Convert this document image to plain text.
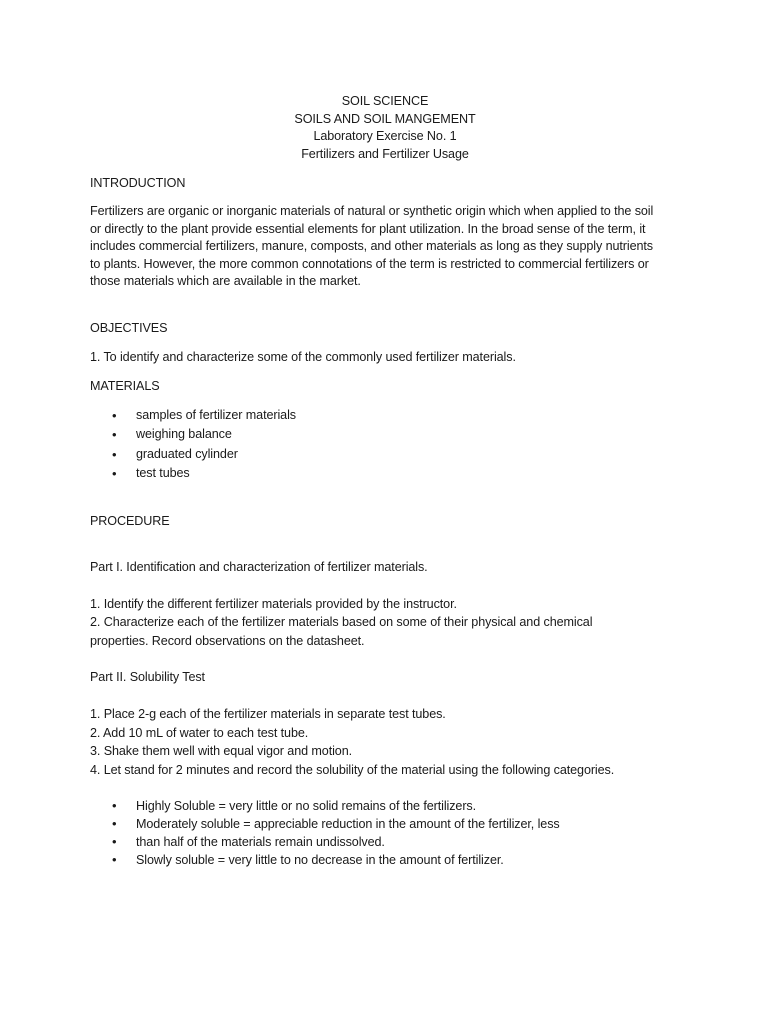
SOIL SCIENCE
SOILS AND SOIL MANGEMENT
Laboratory Exercise No. 1
Fertilizers and Fertilizer Usage
INTRODUCTION
Fertilizers are organic or inorganic materials of natural or synthetic origin which when applied to the soil
or directly to the plant provide essential elements for plant utilization. In the broad sense of the term, it
includes commercial fertilizers, manure, composts, and other materials as long as they supply nutrients
to plants. However, the more common connotations of the term is restricted to commercial fertilizers or
those materials which are available in the market.
OBJECTIVES
1. To identify and characterize some of the commonly used fertilizer materials.
MATERIALS
• samples of fertilizer materials
• weighing balance
• graduated cylinder
• test tubes
PROCEDURE
Part I. Identification and characterization of fertilizer materials.
1. Identify the different fertilizer materials provided by the instructor.
2. Characterize each of the fertilizer materials based on some of their physical and chemical
properties. Record observations on the datasheet.
Part II. Solubility Test
1. Place 2-g each of the fertilizer materials in separate test tubes.
2. Add 10 mL of water to each test tube.
3. Shake them well with equal vigor and motion.
4. Let stand for 2 minutes and record the solubility of the material using the following categories.
• Highly Soluble = very little or no solid remains of the fertilizers.
• Moderately soluble = appreciable reduction in the amount of the fertilizer, less
• than half of the materials remain undissolved.
• Slowly soluble = very little to no decrease in the amount of fertilizer.
